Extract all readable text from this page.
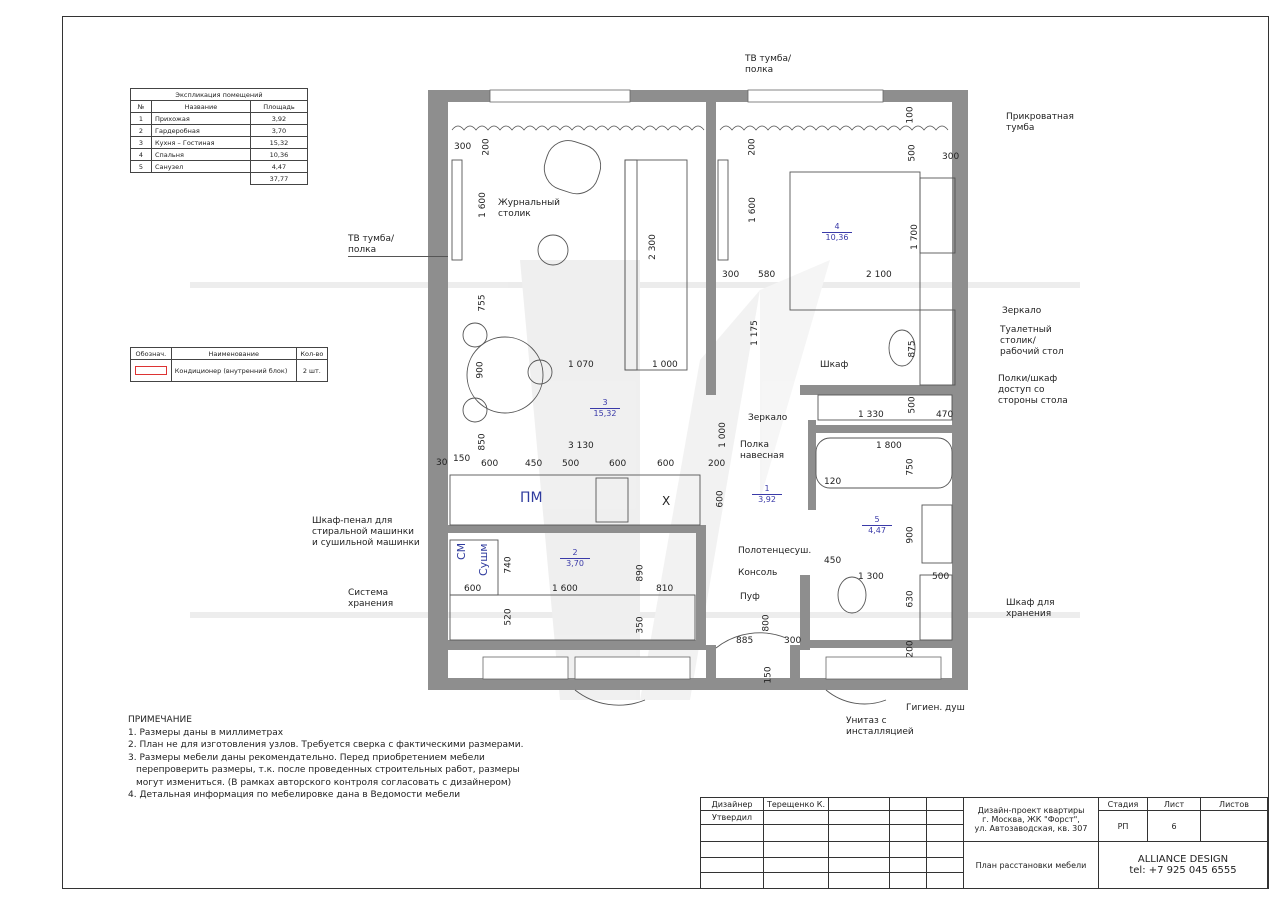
Экспликация помещений		
№	Название	Площадь
1	Прихожая	3,92
2	Гардеробная	3,70
3	Кухня – Гостиная	15,32
4	Спальня	10,36
5	Санузел	4,47
		37,77
Обознач.	Наименование	Кол-во

	Кондиционер (внутренний блок)	2 шт.
4
10,36
3
15,32
1
3,92
5
4,47
2
3,70
ТВ тумба/
полка
ТВ тумба/
полка
Прикроватная
тумба
Журнальный
столик
Зеркало
Туалетный
столик/
рабочий стол
Полки/шкаф
доступ со
стороны стола
Шкаф
Зеркало
Полка
навесная
Шкаф-пенал для
стиральной машинки
и сушильной машинки
Система
хранения
Полотенцесуш.
Консоль
Пуф
Шкаф для
хранения
Гигиен. душ
Унитаз с
инсталляцией
ПМ	X
СМ Сушм
300 200
1 600
755
900
850
2 300
1 070	1 000
3 130	1 000
30 150 600	450 500	600	600	200
600
200
1 600
300 580	2 100
1 700
100
500	300
1 175
875
1 330
500
470
1 800
750
120
900
450
1 300	500
630
200
740	890
600	1 600	810
520	350	800
300
885
150
ПРИМЕЧАНИЕ
1. Размеры даны в миллиметрах
2. План не для изготовления узлов. Требуется сверка с фактическими размерами.
3. Размеры мебели даны рекомендательно. Перед приобретением мебели
перепроверить размеры, т.к. после проведенных строительных работ, размеры
могут измениться. (В рамках авторского контроля согласовать с дизайнером)
4. Детальная информация по мебелировке дана в Ведомости мебели
Дизайнер	Терещенко К.				Дизайн-проект квартиры
г. Москва, ЖК "Форст",
ул. Автозаводская, кв. 307	Стадия	Лист	Листов
Утвердил						РП	6	

					План расстановки мебели	ALLIANCE DESIGN
tel: +7 925 045 6555		
